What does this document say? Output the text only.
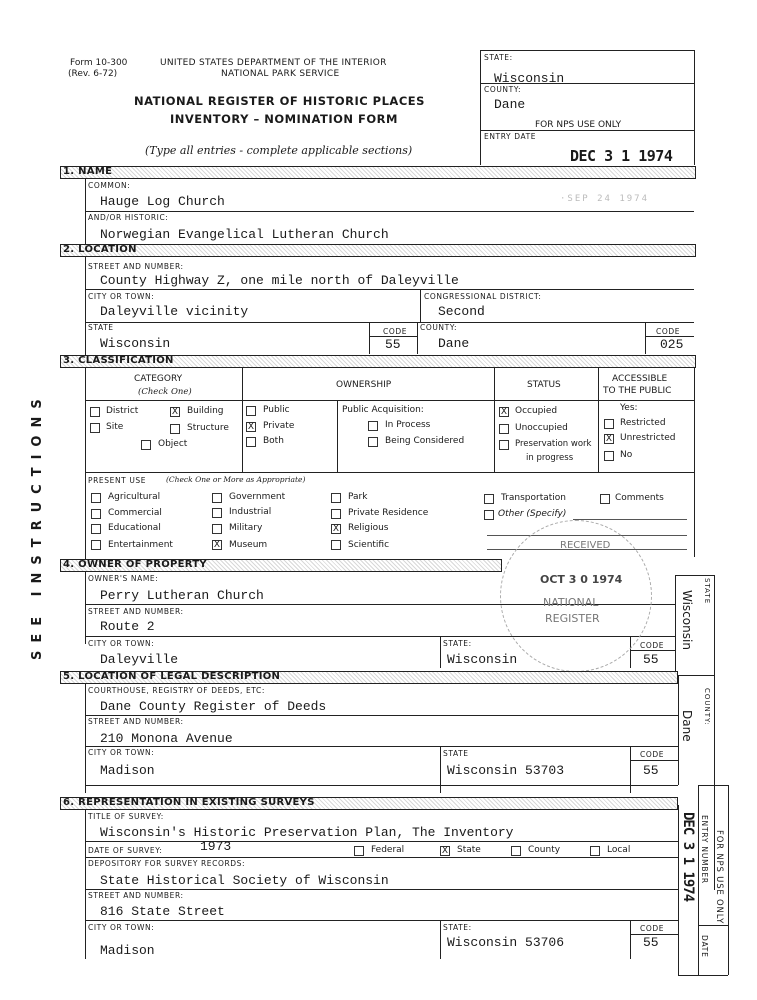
Form 10-300
(Rev. 6-72)
UNITED STATES DEPARTMENT OF THE INTERIOR
NATIONAL PARK SERVICE
NATIONAL REGISTER OF HISTORIC PLACES
INVENTORY – NOMINATION FORM
(Type all entries - complete applicable sections)
STATE:
Wisconsin
COUNTY:
Dane
FOR NPS USE ONLY
ENTRY DATE
DEC 3 1 1974
SEE INSTRUCTIONS
1. NAME
COMMON:
Hauge Log Church	·SEP 24 1974
AND/OR HISTORIC:
Norwegian Evangelical Lutheran Church
2. LOCATION
STREET AND NUMBER:
County Highway Z, one mile north of Daleyville
CITY OR TOWN:
Daleyville vicinity
CONGRESSIONAL DISTRICT:
Second
STATE
Wisconsin
CODE
55
COUNTY:
Dane
CODE
025
3. CLASSIFICATION
CATEGORY
(Check One)
OWNERSHIP	STATUS
ACCESSIBLE
TO THE PUBLIC
District	X Building
Site	Structure
Object
Public
X Private
Both
Public Acquisition:
In Process
Being Considered
X Occupied
Unoccupied
Preservation work
in progress
Yes:
Restricted
X Unrestricted
No
PRESENT USE	(Check One or More as Appropriate)
Agricultural
Commercial
Educational
Entertainment
Government
Industrial
Military
X Museum
Park
Private Residence
X Religious
Scientific
Transportation
Other (Specify)
Comments
4. OWNER OF PROPERTY
OWNER'S NAME:
Perry Lutheran Church
STREET AND NUMBER:
Route 2
CITY OR TOWN:
Daleyville
STATE:
Wisconsin
CODE
55
RECEIVED
OCT 3 0 1974
NATIONAL
REGISTER
STATE
Wisconsin
COUNTY:
Dane
5. LOCATION OF LEGAL DESCRIPTION
COURTHOUSE, REGISTRY OF DEEDS, ETC:
Dane County Register of Deeds
STREET AND NUMBER:
210 Monona Avenue
CITY OR TOWN:
Madison
STATE
Wisconsin 53703
CODE
55
6. REPRESENTATION IN EXISTING SURVEYS
TITLE OF SURVEY:
Wisconsin's Historic Preservation Plan, The Inventory
DATE OF SURVEY:	1973	Federal	X State	County	Local
DEPOSITORY FOR SURVEY RECORDS:
State Historical Society of Wisconsin
STREET AND NUMBER:
816 State Street
CITY OR TOWN:
Madison
STATE:
Wisconsin 53706
CODE
55
FOR NPS USE ONLY
ENTRY NUMBER
DATE
DEC 3 1 1974
